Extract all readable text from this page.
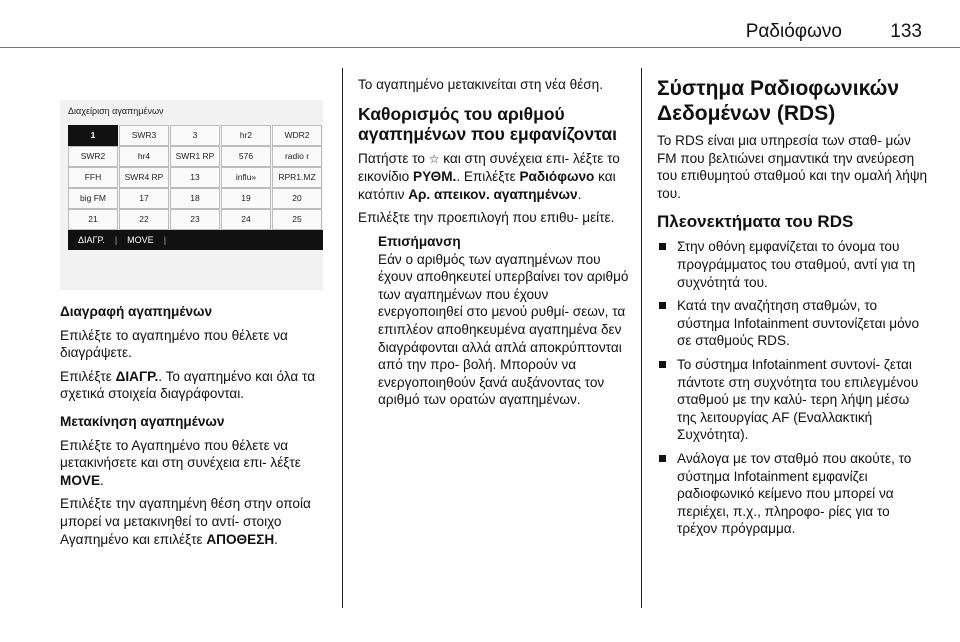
Ραδιόφωνο	133
Διαχείριση αγαπημένων
1	SWR3	3	hr2	WDR2
SWR2	hr4	SWR1 RP	576	radio r
FFH	SWR4 RP	13	influ»	RPR1.MZ
big FM	17	18	19	20
21	22	23	24	25
ΔΙΑΓΡ.	|	MOVE	|

Διαγραφή αγαπημένων

Επιλέξτε το αγαπημένο που θέλετε να διαγράψετε.

Επιλέξτε ΔΙΑΓΡ.. Το αγαπημένο και όλα τα σχετικά στοιχεία διαγράφονται.

Μετακίνηση αγαπημένων

Επιλέξτε το Αγαπημένο που θέλετε να μετακινήσετε και στη συνέχεια επι- λέξτε MOVE.

Επιλέξτε την αγαπημένη θέση στην οποία μπορεί να μετακινηθεί το αντί- στοιχο Αγαπημένο και επιλέξτε ΑΠΟΘΕΣΗ.

Το αγαπημένο μετακινείται στη νέα θέση.

Καθορισμός του αριθμού αγαπημένων που εμφανίζονται

Πατήστε το ☆ και στη συνέχεια επι- λέξτε το εικονίδιο ΡΥΘΜ.. Επιλέξτε Ραδιόφωνο και κατόπιν Αρ. απεικον. αγαπημένων.

Επιλέξτε την προεπιλογή που επιθυ- μείτε.

Επισήμανση
Εάν ο αριθμός των αγαπημένων που έχουν αποθηκευτεί υπερβαίνει τον αριθμό των αγαπημένων που έχουν ενεργοποιηθεί στο μενού ρυθμί- σεων, τα επιπλέον αποθηκευμένα αγαπημένα δεν διαγράφονται αλλά απλά αποκρύπτονται από την προ- βολή. Μπορούν να ενεργοποιηθούν ξανά αυξάνοντας τον αριθμό των ορατών αγαπημένων.

Σύστημα Ραδιοφωνικών Δεδομένων (RDS)

Το RDS είναι μια υπηρεσία των σταθ- μών FM που βελτιώνει σημαντικά την ανεύρεση του επιθυμητού σταθμού και την ομαλή λήψη του.

Πλεονεκτήματα του RDS

Στην οθόνη εμφανίζεται το όνομα του προγράμματος του σταθμού, αντί για τη συχνότητά του.
Κατά την αναζήτηση σταθμών, το σύστημα Infotainment συντονίζεται μόνο σε σταθμούς RDS.
Το σύστημα Infotainment συντονί- ζεται πάντοτε στη συχνότητα του επιλεγμένου σταθμού με την καλύ- τερη λήψη μέσω της λειτουργίας AF (Εναλλακτική Συχνότητα).
Ανάλογα με τον σταθμό που ακούτε, το σύστημα Infotainment εμφανίζει ραδιοφωνικό κείμενο που μπορεί να περιέχει, π.χ., πληροφο- ρίες για το τρέχον πρόγραμμα.
